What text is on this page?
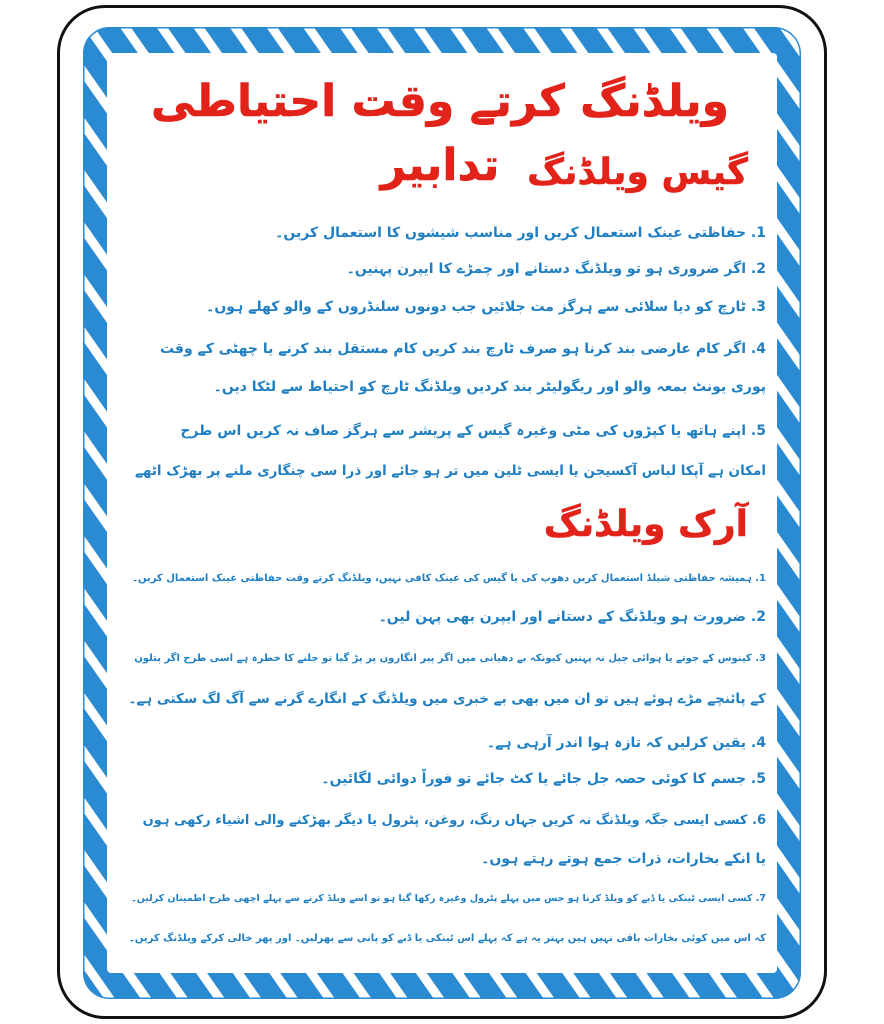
ویلڈنگ کرتے وقت احتیاطی تدابیر گیس ویلڈنگ
1. حفاظتی عینک استعمال کریں اور مناسب شیشوں کا استعمال کریں۔
2. اگر ضروری ہو تو ویلڈنگ دستانے اور چمڑے کا ایپرن پہنیں۔
3. ٹارچ کو دیا سلائی سے ہرگز مت جلائیں جب دونوں سلنڈروں کے والو کھلے ہوں۔
4. اگر کام عارضی بند کرنا ہو صرف ٹارچ بند کریں کام مستقل بند کرنے یا چھٹی کے وقت
پوری یونٹ بمعہ والو اور ریگولیٹر بند کردیں ویلڈنگ ٹارچ کو احتیاط سے لٹکا دیں۔
5. اپنے ہاتھ یا کپڑوں کی مٹی وغیرہ گیس کے پریشر سے ہرگز صاف نہ کریں اس طرح
امکان ہے آپکا لباس آکسیجن یا ایسی ٹلین میں تر ہو جائے اور ذرا سی چنگاری ملنے پر بھڑک اٹھے
آرک ویلڈنگ
1. ہمیشہ حفاظتی شیلڈ استعمال کریں دھوپ کی یا گیس کی عینک کافی نہیں، ویلڈنگ کرتے وقت حفاظتی عینک استعمال کریں۔
2. ضرورت ہو ویلڈنگ کے دستانے اور ایپرن بھی پہن لیں۔
3. کینوس کے جوتے یا ہوائی چپل نہ پہنیں کیونکہ بے دھیانی میں اگر پیر انگاروں پر پڑ گیا تو جلنے کا خطرہ ہے اسی طرح اگر پتلون
کے پائنچے مڑے ہوئے ہیں تو ان میں بھی بے خبری میں ویلڈنگ کے انگارے گرنے سے آگ لگ سکتی ہے۔
4. یقین کرلیں کہ تازہ ہوا اندر آرہی ہے۔
5. جسم کا کوئی حصہ جل جائے یا کٹ جائے تو فوراً دوائی لگائیں۔
6. کسی ایسی جگہ ویلڈنگ نہ کریں جہاں رنگ، روغن، پٹرول یا دیگر بھڑکنے والی اشیاء رکھی ہوں
یا انکے بخارات، ذرات جمع ہوتے رہتے ہوں۔
7. کسی ایسی ٹینکی یا ڈبے کو ویلڈ کرنا ہو جس میں پہلے پٹرول وغیرہ رکھا گیا ہو تو اسے ویلڈ کرنے سے پہلے اچھی طرح اطمینان کرلیں۔
کہ اس میں کوئی بخارات باقی نہیں ہیں بہتر یہ ہے کہ پہلے اس ٹینکی یا ڈبے کو پانی سے بھرلیں۔ اور پھر خالی کرکے ویلڈنگ کریں۔
